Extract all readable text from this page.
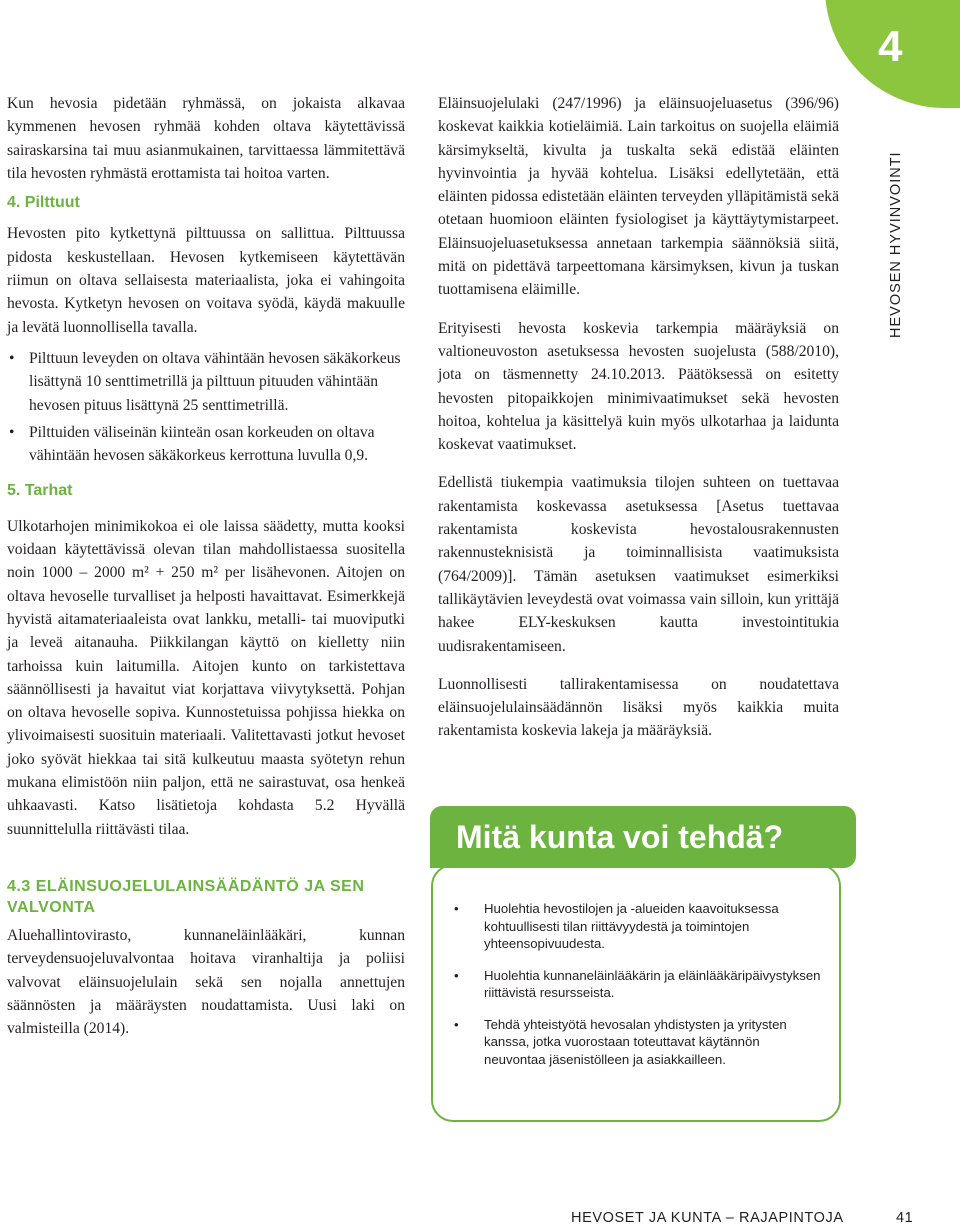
4
HEVOSEN HYVINVOINTI

Kun hevosia pidetään ryhmässä, on jokaista alkavaa kymmenen hevosen ryhmää kohden oltava käytettävissä sairaskarsina tai muu asianmukainen, tarvittaessa lämmitettävä tila hevosten ryhmästä erottamista tai hoitoa varten.

4. Pilttuut

Hevosten pito kytkettynä pilttuussa on sallittua. Pilttuussa pidosta keskustellaan. Hevosen kytkemiseen käytettävän riimun on oltava sellaisesta materiaalista, joka ei vahingoita hevosta. Kytketyn hevosen on voitava syödä, käydä makuulle ja levätä luonnollisella tavalla.

• Pilttuun leveyden on oltava vähintään hevosen säkäkorkeus lisättynä 10 senttimetrillä ja pilttuun pituuden vähintään hevosen pituus lisättynä 25 senttimetrillä.
• Pilttuiden väliseinän kiinteän osan korkeuden on oltava vähintään hevosen säkäkorkeus kerrottuna luvulla 0,9.
5. Tarhat

Ulkotarhojen minimikokoa ei ole laissa säädetty, mutta kooksi voidaan käytettävissä olevan tilan mahdollistaessa suositella noin 1000 – 2000 m² + 250 m² per lisähevonen. Aitojen on oltava hevoselle turvalliset ja helposti havaittavat. Esimerkkejä hyvistä aitamateriaaleista ovat lankku, metalli- tai muoviputki ja leveä aitanauha. Piikkilangan käyttö on kielletty niin tarhoissa kuin laitumilla. Aitojen kunto on tarkistettava säännöllisesti ja havaitut viat korjattava viivytyksettä. Pohjan on oltava hevoselle sopiva. Kunnostetuissa pohjissa hiekka on ylivoimaisesti suosituin materiaali. Valitettavasti jotkut hevoset joko syövät hiekkaa tai sitä kulkeutuu maasta syötetyn rehun mukana elimistöön niin paljon, että ne sairastuvat, osa henkeä uhkaavasti. Katso lisätietoja kohdasta 5.2 Hyvällä suunnittelulla riittävästi tilaa.

4.3 ELÄINSUOJELULAINSÄÄDÄNTÖ JA SEN VALVONTA

Aluehallintovirasto, kunnaneläinlääkäri, kunnan terveydensuojeluvalvontaa hoitava viranhaltija ja poliisi valvovat eläinsuojelulain sekä sen nojalla annettujen säännösten ja määräysten noudattamista. Uusi laki on valmisteilla (2014).

Eläinsuojelulaki (247/1996) ja eläinsuojeluasetus (396/96) koskevat kaikkia kotieläimiä. Lain tarkoitus on suojella eläimiä kärsimykseltä, kivulta ja tuskalta sekä edistää eläinten hyvinvointia ja hyvää kohtelua. Lisäksi edellytetään, että eläinten pidossa edistetään eläinten terveyden ylläpitämistä sekä otetaan huomioon eläinten fysiologiset ja käyttäytymistarpeet. Eläinsuojeluasetuksessa annetaan tarkempia säännöksiä siitä, mitä on pidettävä tarpeettomana kärsimyksen, kivun ja tuskan tuottamisena eläimille.

Erityisesti hevosta koskevia tarkempia määräyksiä on valtioneuvoston asetuksessa hevosten suojelusta (588/2010), jota on täsmennetty 24.10.2013. Päätöksessä on esitetty hevosten pitopaikkojen minimivaatimukset sekä hevosten hoitoa, kohtelua ja käsittelyä kuin myös ulkotarhaa ja laidunta koskevat vaatimukset.

Edellistä tiukempia vaatimuksia tilojen suhteen on tuettavaa rakentamista koskevassa asetuksessa [Asetus tuettavaa rakentamista koskevista hevostalousrakennusten rakennusteknisistä ja toiminnallisista vaatimuksista (764/2009)]. Tämän asetuksen vaatimukset esimerkiksi tallikäytävien leveydestä ovat voimassa vain silloin, kun yrittäjä hakee ELY-keskuksen kautta investointitukia uudisrakentamiseen.

Luonnollisesti tallirakentamisessa on noudatettava eläinsuojelulainsäädännön lisäksi myös kaikkia muita rakentamista koskevia lakeja ja määräyksiä.

Mitä kunta voi tehdä?
• Huolehtia hevostilojen ja -alueiden kaavoituksessa kohtuullisesti tilan riittävyydestä ja toimintojen yhteensopivuudesta.
• Huolehtia kunnaneläinlääkärin ja eläinlääkäripäivystyksen riittävistä resursseista.
• Tehdä yhteistyötä hevosalan yhdistysten ja yritysten kanssa, jotka vuorostaan toteuttavat käytännön neuvontaa jäsenistölleen ja asiakkailleen.
HEVOSET JA KUNTA – RAJAPINTOJA	41
